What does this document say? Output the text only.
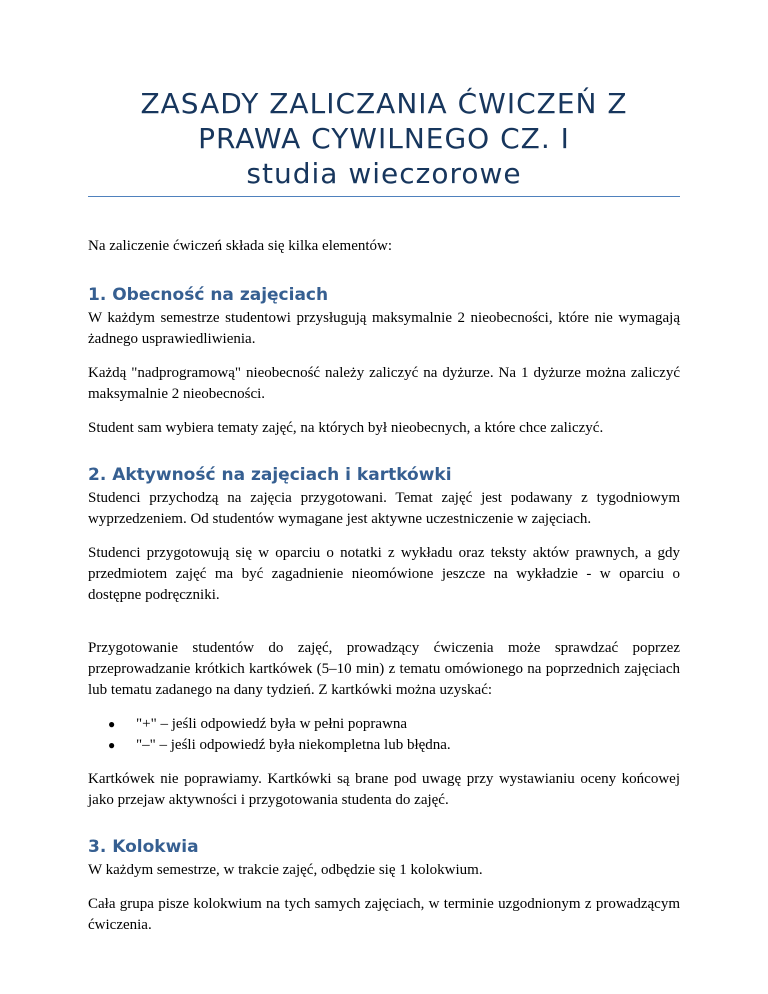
ZASADY ZALICZANIA ĆWICZEŃ Z
PRAWA CYWILNEGO CZ. I
studia wieczorowe

Na zaliczenie ćwiczeń składa się kilka elementów:

1. Obecność na zajęciach

W każdym semestrze studentowi przysługują maksymalnie 2 nieobecności, które nie wymagają żadnego usprawiedliwienia.

Każdą "nadprogramową" nieobecność należy zaliczyć na dyżurze. Na 1 dyżurze można zaliczyć maksymalnie 2 nieobecności.

Student sam wybiera tematy zajęć, na których był nieobecnych, a które chce zaliczyć.

2. Aktywność na zajęciach i kartkówki

Studenci przychodzą na zajęcia przygotowani. Temat zajęć jest podawany z tygodniowym wyprzedzeniem. Od studentów wymagane jest aktywne uczestniczenie w zajęciach.

Studenci przygotowują się w oparciu o notatki z wykładu oraz teksty aktów prawnych, a gdy przedmiotem zajęć ma być zagadnienie nieomówione jeszcze na wykładzie - w oparciu o dostępne podręczniki.

Przygotowanie studentów do zajęć, prowadzący ćwiczenia może sprawdzać poprzez przeprowadzanie krótkich kartkówek (5–10 min) z tematu omówionego na poprzednich zajęciach lub tematu zadanego na dany tydzień. Z kartkówki można uzyskać:

● "+" – jeśli odpowiedź była w pełni poprawna
● "–" – jeśli odpowiedź była niekompletna lub błędna.

Kartkówek nie poprawiamy. Kartkówki są brane pod uwagę przy wystawianiu oceny końcowej jako przejaw aktywności i przygotowania studenta do zajęć.

3. Kolokwia

W każdym semestrze, w trakcie zajęć, odbędzie się 1 kolokwium.

Cała grupa pisze kolokwium na tych samych zajęciach, w terminie uzgodnionym z prowadzącym ćwiczenia.
